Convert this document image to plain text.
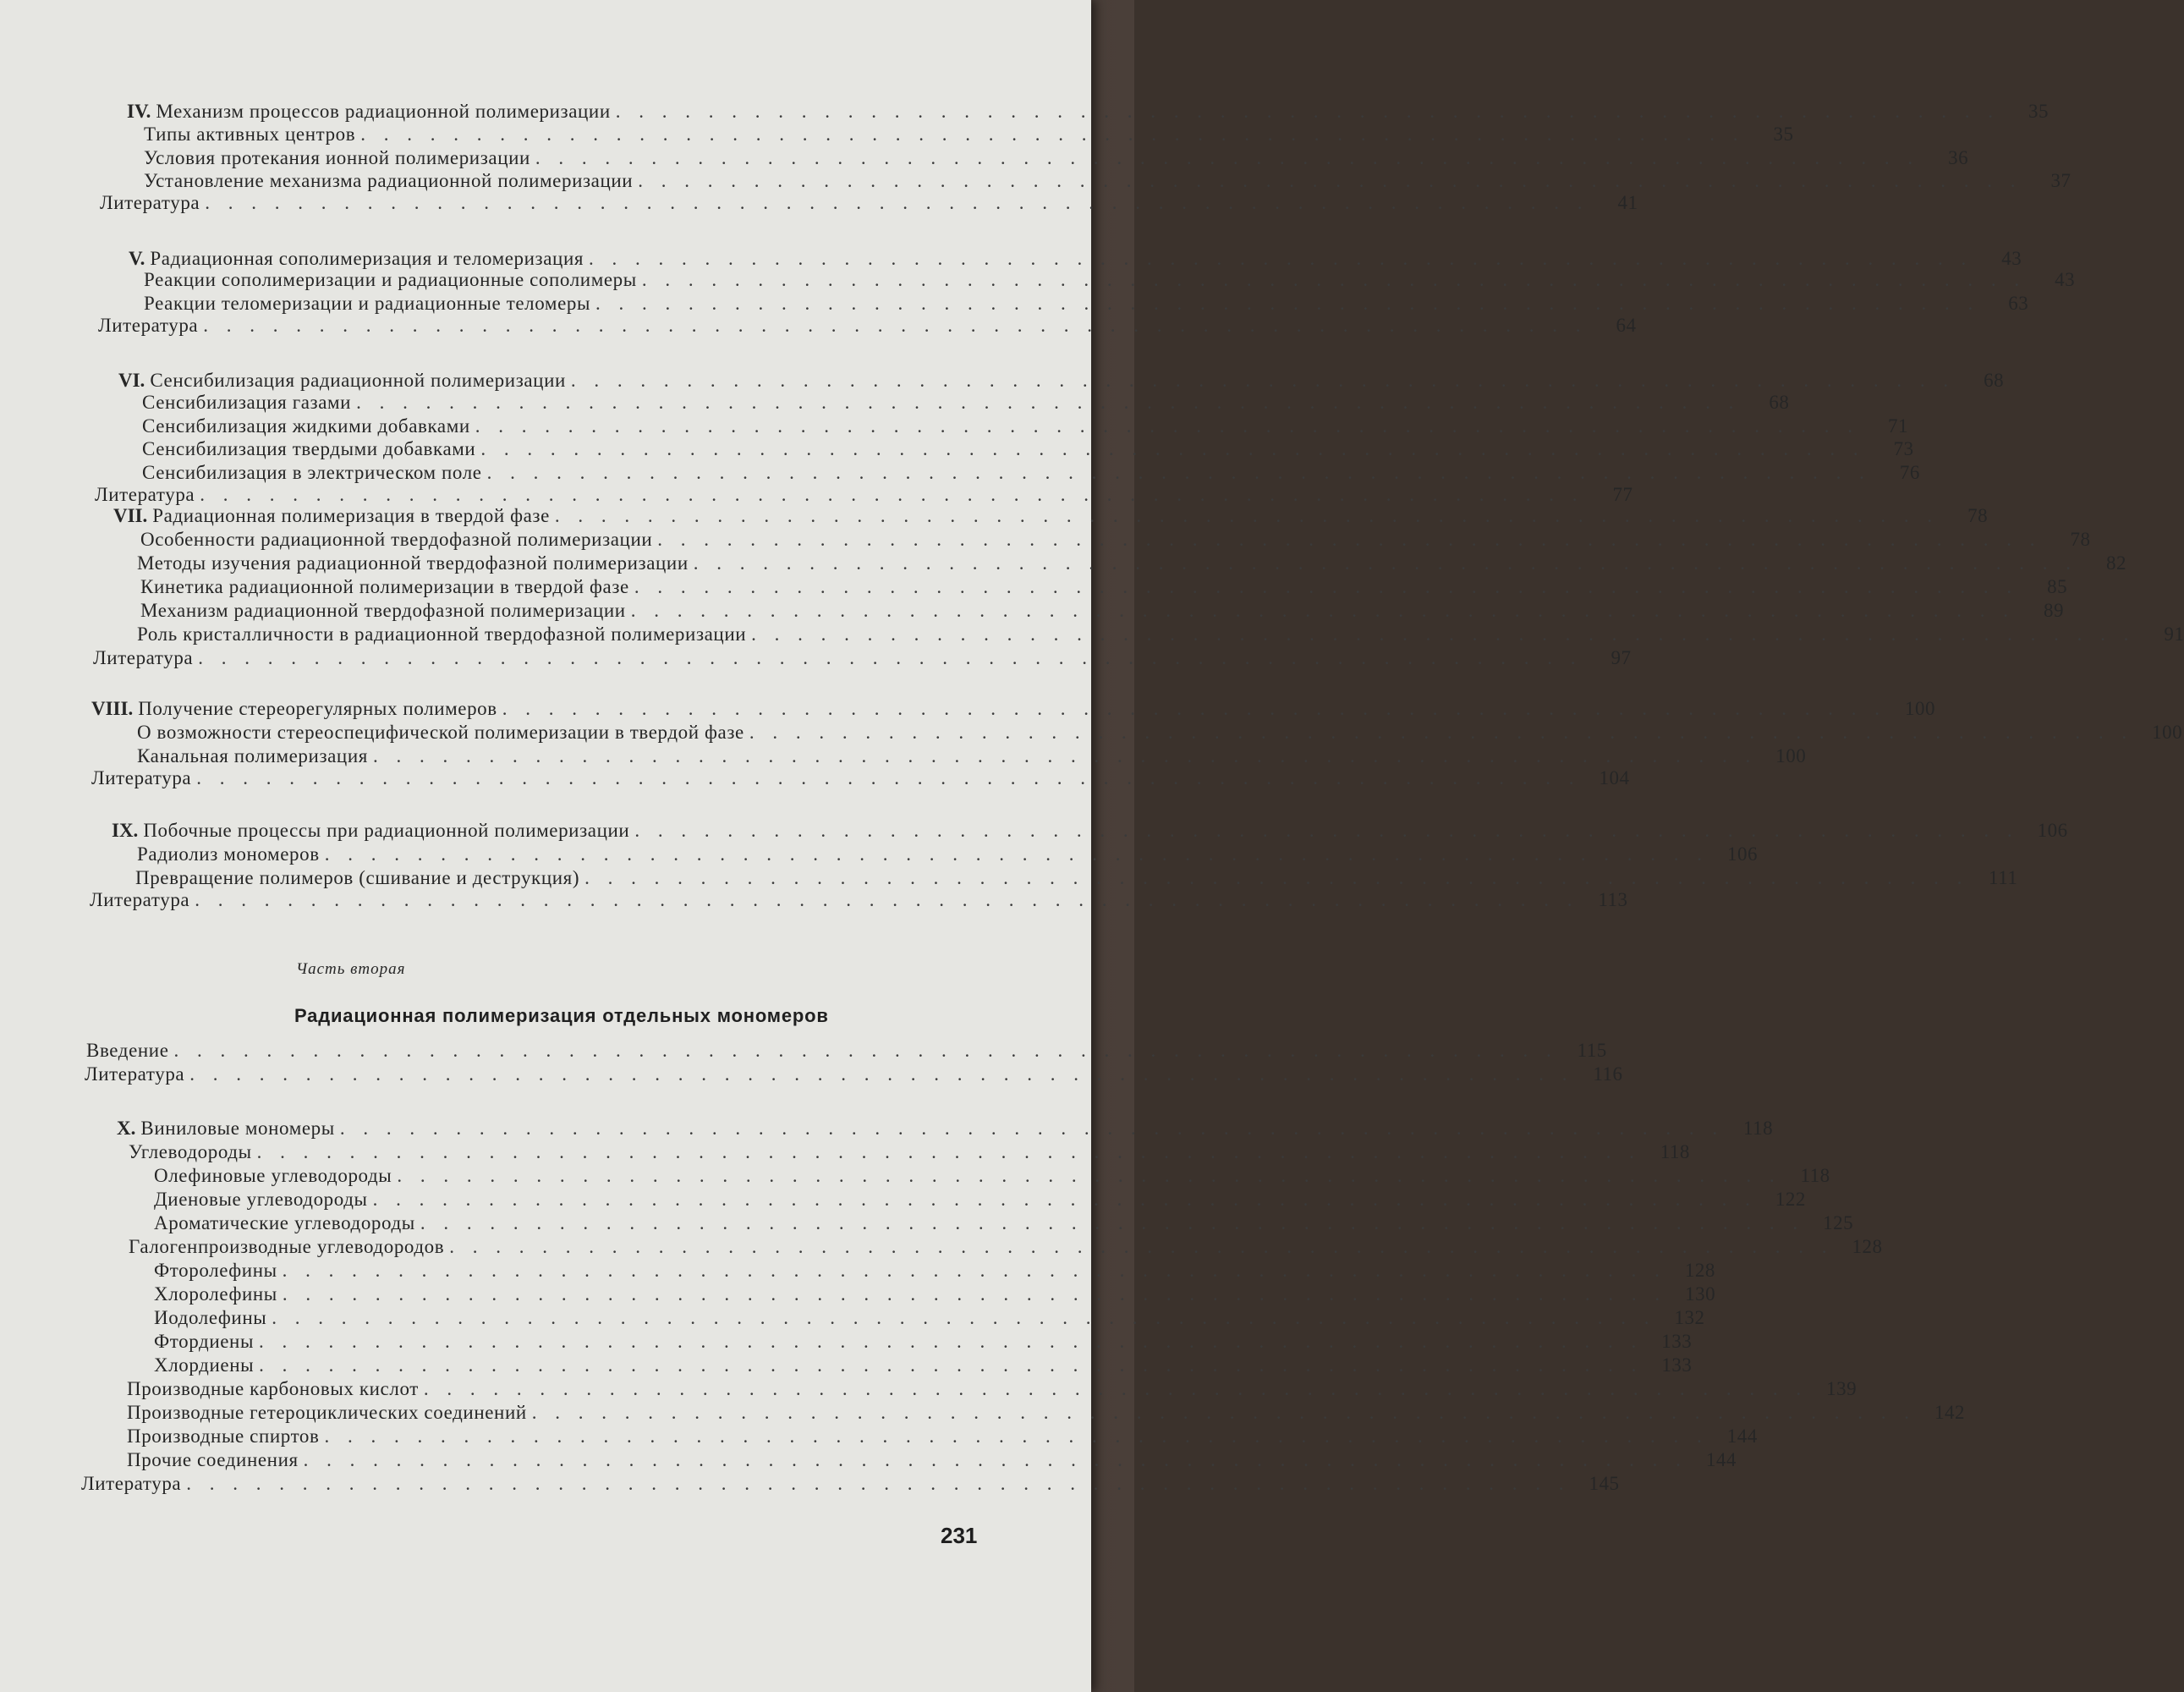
IV. Механизм процессов радиационной полимеризации . . . . . . . . . . . . . . . . . . . . . . . . . . . . . . . . . . . . . . . . . . . . . . . . . . . . . . . . . . . .	35
Типы активных центров . . . . . . . . . . . . . . . . . . . . . . . . . . . . . . . . . . . . . . . . . . . . . . . . . . . . . . . . . . . .	35
Условия протекания ионной полимеризации . . . . . . . . . . . . . . . . . . . . . . . . . . . . . . . . . . . . . . . . . . . . . . . . . . . . . . . . . . . .	36
Установление механизма радиационной полимеризации . . . . . . . . . . . . . . . . . . . . . . . . . . . . . . . . . . . . . . . . . . . . . . . . . . . . . . . . . . . .	37
Литература . . . . . . . . . . . . . . . . . . . . . . . . . . . . . . . . . . . . . . . . . . . . . . . . . . . . . . . . . . . .	41
V. Радиационная сополимеризация и теломеризация . . . . . . . . . . . . . . . . . . . . . . . . . . . . . . . . . . . . . . . . . . . . . . . . . . . . . . . . . . . .	43
Реакции сополимеризации и радиационные сополимеры . . . . . . . . . . . . . . . . . . . . . . . . . . . . . . . . . . . . . . . . . . . . . . . . . . . . . . . . . . . .	43
Реакции теломеризации и радиационные теломеры . . . . . . . . . . . . . . . . . . . . . . . . . . . . . . . . . . . . . . . . . . . . . . . . . . . . . . . . . . . .	63
Литература . . . . . . . . . . . . . . . . . . . . . . . . . . . . . . . . . . . . . . . . . . . . . . . . . . . . . . . . . . . .	64
VI. Сенсибилизация радиационной полимеризации . . . . . . . . . . . . . . . . . . . . . . . . . . . . . . . . . . . . . . . . . . . . . . . . . . . . . . . . . . . .	68
Сенсибилизация газами . . . . . . . . . . . . . . . . . . . . . . . . . . . . . . . . . . . . . . . . . . . . . . . . . . . . . . . . . . . .	68
Сенсибилизация жидкими добавками . . . . . . . . . . . . . . . . . . . . . . . . . . . . . . . . . . . . . . . . . . . . . . . . . . . . . . . . . . . .	71
Сенсибилизация твердыми добавками . . . . . . . . . . . . . . . . . . . . . . . . . . . . . . . . . . . . . . . . . . . . . . . . . . . . . . . . . . . .	73
Сенсибилизация в электрическом поле . . . . . . . . . . . . . . . . . . . . . . . . . . . . . . . . . . . . . . . . . . . . . . . . . . . . . . . . . . . .	76
Литература . . . . . . . . . . . . . . . . . . . . . . . . . . . . . . . . . . . . . . . . . . . . . . . . . . . . . . . . . . . .	77
VII. Радиационная полимеризация в твердой фазе . . . . . . . . . . . . . . . . . . . . . . . . . . . . . . . . . . . . . . . . . . . . . . . . . . . . . . . . . . . .	78
Особенности радиационной твердофазной полимеризации . . . . . . . . . . . . . . . . . . . . . . . . . . . . . . . . . . . . . . . . . . . . . . . . . . . . . . . . . . . .	78
Методы изучения радиационной твердофазной полимеризации . . . . . . . . . . . . . . . . . . . . . . . . . . . . . . . . . . . . . . . . . . . . . . . . . . . . . . . . . . . .	82
Кинетика радиационной полимеризации в твердой фазе . . . . . . . . . . . . . . . . . . . . . . . . . . . . . . . . . . . . . . . . . . . . . . . . . . . . . . . . . . . .	85
Механизм радиационной твердофазной полимеризации . . . . . . . . . . . . . . . . . . . . . . . . . . . . . . . . . . . . . . . . . . . . . . . . . . . . . . . . . . . .	89
Роль кристалличности в радиационной твердофазной полимеризации . . . . . . . . . . . . . . . . . . . . . . . . . . . . . . . . . . . . . . . . . . . . . . . . . . . . . . . . . . . .	91
Литература . . . . . . . . . . . . . . . . . . . . . . . . . . . . . . . . . . . . . . . . . . . . . . . . . . . . . . . . . . . .	97
VIII. Получение стереорегулярных полимеров . . . . . . . . . . . . . . . . . . . . . . . . . . . . . . . . . . . . . . . . . . . . . . . . . . . . . . . . . . . . 100
О возможности стереоспецифической полимеризации в твердой фазе . . . . . . . . . . . . . . . . . . . . . . . . . . . . . . . . . . . . . . . . . . . . . . . . . . . . . . . . . . . . 100
Канальная полимеризация . . . . . . . . . . . . . . . . . . . . . . . . . . . . . . . . . . . . . . . . . . . . . . . . . . . . . . . . . . . . 100
Литература . . . . . . . . . . . . . . . . . . . . . . . . . . . . . . . . . . . . . . . . . . . . . . . . . . . . . . . . . . . . 104
IX. Побочные процессы при радиационной полимеризации . . . . . . . . . . . . . . . . . . . . . . . . . . . . . . . . . . . . . . . . . . . . . . . . . . . . . . . . . . . . 106
Радиолиз мономеров . . . . . . . . . . . . . . . . . . . . . . . . . . . . . . . . . . . . . . . . . . . . . . . . . . . . . . . . . . . . 106
Превращение полимеров (сшивание и деструкция) . . . . . . . . . . . . . . . . . . . . . . . . . . . . . . . . . . . . . . . . . . . . . . . . . . . . . . . . . . . .	111
Литература . . . . . . . . . . . . . . . . . . . . . . . . . . . . . . . . . . . . . . . . . . . . . . . . . . . . . . . . . . . . 113
Введение . . . . . . . . . . . . . . . . . . . . . . . . . . . . . . . . . . . . . . . . . . . . . . . . . . . . . . . . . . . . 115
Литература . . . . . . . . . . . . . . . . . . . . . . . . . . . . . . . . . . . . . . . . . . . . . . . . . . . . . . . . . . . . 116
X. Виниловые мономеры . . . . . . . . . . . . . . . . . . . . . . . . . . . . . . . . . . . . . . . . . . . . . . . . . . . . . . . . . . . . 118
Углеводороды . . . . . . . . . . . . . . . . . . . . . . . . . . . . . . . . . . . . . . . . . . . . . . . . . . . . . . . . . . . . 118
Олефиновые углеводороды . . . . . . . . . . . . . . . . . . . . . . . . . . . . . . . . . . . . . . . . . . . . . . . . . . . . . . . . . . . . 118
Диеновые углеводороды . . . . . . . . . . . . . . . . . . . . . . . . . . . . . . . . . . . . . . . . . . . . . . . . . . . . . . . . . . . . 122
Ароматические углеводороды . . . . . . . . . . . . . . . . . . . . . . . . . . . . . . . . . . . . . . . . . . . . . . . . . . . . . . . . . . . . 125
Галогенпроизводные углеводородов . . . . . . . . . . . . . . . . . . . . . . . . . . . . . . . . . . . . . . . . . . . . . . . . . . . . . . . . . . . . 128
Фторолефины . . . . . . . . . . . . . . . . . . . . . . . . . . . . . . . . . . . . . . . . . . . . . . . . . . . . . . . . . . . . 128
Хлоролефины . . . . . . . . . . . . . . . . . . . . . . . . . . . . . . . . . . . . . . . . . . . . . . . . . . . . . . . . . . . . 130
Иодолефины . . . . . . . . . . . . . . . . . . . . . . . . . . . . . . . . . . . . . . . . . . . . . . . . . . . . . . . . . . . . 132
Фтордиены . . . . . . . . . . . . . . . . . . . . . . . . . . . . . . . . . . . . . . . . . . . . . . . . . . . . . . . . . . . . 133
Хлордиены . . . . . . . . . . . . . . . . . . . . . . . . . . . . . . . . . . . . . . . . . . . . . . . . . . . . . . . . . . . . 133
Производные карбоновых кислот . . . . . . . . . . . . . . . . . . . . . . . . . . . . . . . . . . . . . . . . . . . . . . . . . . . . . . . . . . . . 139
Производные гетероциклических соединений . . . . . . . . . . . . . . . . . . . . . . . . . . . . . . . . . . . . . . . . . . . . . . . . . . . . . . . . . . . . 142
Производные спиртов . . . . . . . . . . . . . . . . . . . . . . . . . . . . . . . . . . . . . . . . . . . . . . . . . . . . . . . . . . . . 144
Прочие соединения . . . . . . . . . . . . . . . . . . . . . . . . . . . . . . . . . . . . . . . . . . . . . . . . . . . . . . . . . . . . 144
Литература . . . . . . . . . . . . . . . . . . . . . . . . . . . . . . . . . . . . . . . . . . . . . . . . . . . . . . . . . . . . 145
Часть вторая
Радиационная полимеризация отдельных мономеров
231
